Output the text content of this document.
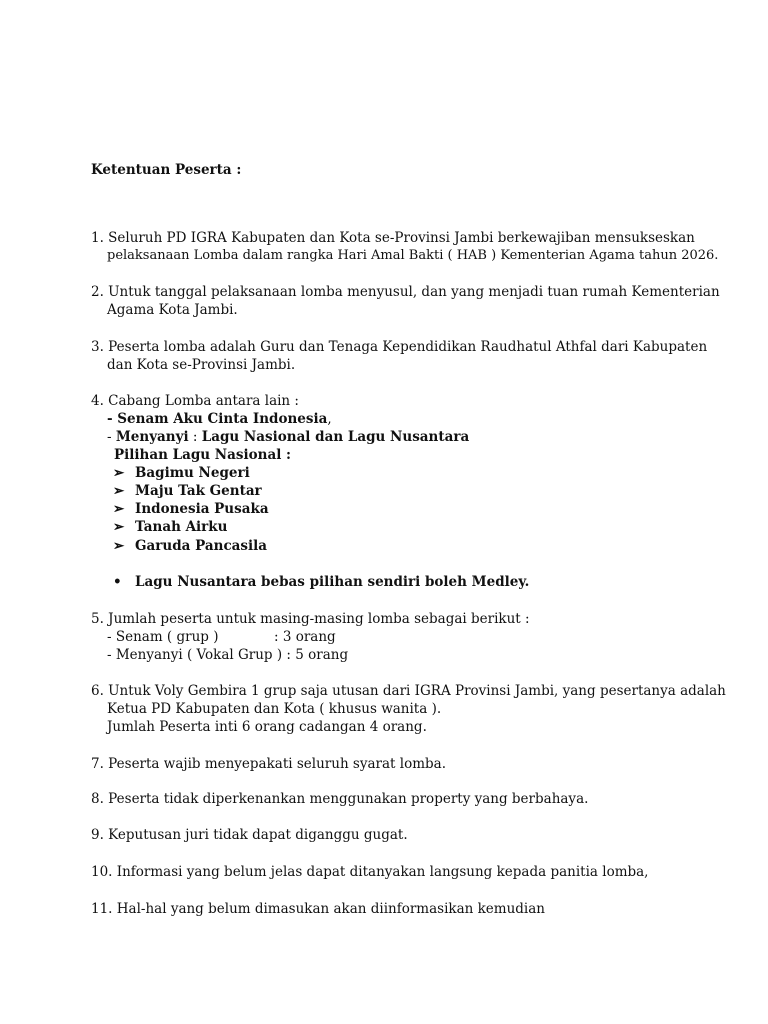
Ketentuan Peserta :
1. Seluruh PD IGRA Kabupaten dan Kota se-Provinsi Jambi berkewajiban mensukseskan
pelaksanaan Lomba dalam rangka Hari Amal Bakti ( HAB ) Kementerian Agama tahun 2026.
2. Untuk tanggal pelaksanaan lomba menyusul, dan yang menjadi tuan rumah Kementerian
Agama Kota Jambi.
3. Peserta lomba adalah Guru dan Tenaga Kependidikan Raudhatul Athfal dari Kabupaten
dan Kota se-Provinsi Jambi.
4. Cabang Lomba antara lain :
- Senam Aku Cinta Indonesia,
- Menyanyi : Lagu Nasional dan Lagu Nusantara
Pilihan Lagu Nasional :
➢ Bagimu Negeri
➢ Maju Tak Gentar
➢ Indonesia Pusaka
➢ Tanah Airku
➢ Garuda Pancasila
• Lagu Nusantara bebas pilihan sendiri boleh Medley.
5. Jumlah peserta untuk masing-masing lomba sebagai berikut :
- Senam ( grup )	: 3 orang
- Menyanyi ( Vokal Grup ) : 5 orang
6. Untuk Voly Gembira 1 grup saja utusan dari IGRA Provinsi Jambi, yang pesertanya adalah
Ketua PD Kabupaten dan Kota ( khusus wanita ).
Jumlah Peserta inti 6 orang cadangan 4 orang.
7. Peserta wajib menyepakati seluruh syarat lomba.
8. Peserta tidak diperkenankan menggunakan property yang berbahaya.
9. Keputusan juri tidak dapat diganggu gugat.
10. Informasi yang belum jelas dapat ditanyakan langsung kepada panitia lomba,
11. Hal-hal yang belum dimasukan akan diinformasikan kemudian
